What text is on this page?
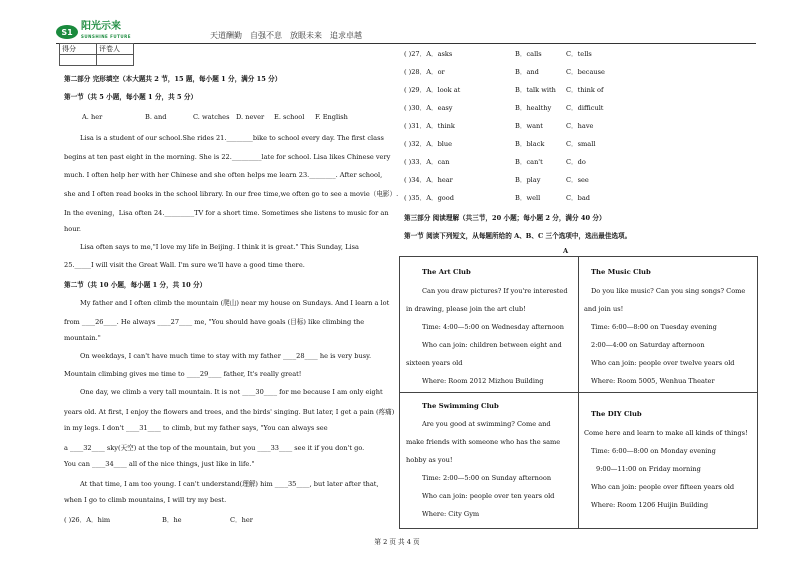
S1 阳光示来
SUNSHINE FUTURE	天道酬勤　自强不息　放眼未来　追求卓越
得分	评卷人

第二部分 完形填空（本大题共 2 节，15 题，每小题 1 分，满分 15 分）
第一节（共 5 小题，每小题 1 分，共 5 分）
A. her	B. and	C. watches D. never E. school F. English
Lisa is a student of our school.She rides 21.________bike to school every day. The first class
begins at ten past eight in the morning. She is 22._________late for school. Lisa likes Chinese very
much. I often help her with her Chinese and she often helps me learn 23.________. After school,
she and I often read books in the school library. In our free time,we often go to see a movie（电影）.
In the evening，Lisa often 24._________TV for a short time. Sometimes she listens to music for an
hour.
Lisa often says to me,"I love my life in Beijing. I think it is great." This Sunday, Lisa
25._____I will visit the Great Wall. I'm sure we'll have a good time there.
第二节（共 10 小题，每小题 1 分，共 10 分）
My father and I often climb the mountain (爬山) near my house on Sundays. And I learn a lot
from ____26____. He always ____27____ me, "You should have goals (目标) like climbing the
mountain."
On weekdays, I can't have much time to stay with my father ____28____ he is very busy.
Mountain climbing gives me time to ____29____ father, It's really great!
One day, we climb a very tall mountain. It is not ____30____ for me because I am only eight
years old. At first, I enjoy the flowers and trees, and the birds' singing. But later, I get a pain (疼痛)
in my legs. I don't ____31____ to climb, but my father says, "You can always see
a ____32____ sky(天空) at the top of the mountain, but you ____33____ see it if you don't go.
You can ____34____ all of the nice things, just like in life."
At that time, I am too young. I can't understand(理解) him ____35____, but later after that,
when I go to climb mountains, I will try my best.
( )26．A．him	B．he	C．her
( )27．A．asks	B．calls	C．tells
( )28．A．or	B．and	C．because
( )29．A．look at	B．talk with C．think of
( )30．A．easy	B．healthy C．difficult
( )31．A．think	B．want	C．have
( )32．A．blue	B．black	C．small
( )33．A．can	B．can't	C．do
( )34．A．hear	B．play	C．see
( )35．A．good	B．well	C．bad
第三部分 阅读理解（共三节，20 小题；每小题 2 分，满分 40 分）
第一节 阅读下列短文，从每题所给的 A、B、C 三个选项中，选出最佳选项。
A
The Art Club
Can you draw pictures? If you're interested
in drawing, please join the art club!
Time: 4:00—5:00 on Wednesday afternoon
Who can join: children between eight and
sixteen years old
Where: Room 2012 Mizhou Building
The Music Club
Do you like music? Can you sing songs? Come
and join us!
Time: 6:00—8:00 on Tuesday evening
2:00—4:00 on Saturday afternoon
Who can join: people over twelve years old
Where: Room 5005, Wenhua Theater
The Swimming Club
Are you good at swimming? Come and
make friends with someone who has the same
hobby as you!
Time: 2:00—5:00 on Sunday afternoon
Who can join: people over ten years old
Where: City Gym
The DIY Club
Come here and learn to make all kinds of things!
Time: 6:00—8:00 on Monday evening
9:00—11:00 on Friday morning
Who can join: people over fifteen years old
Where: Room 1206 Huijin Building
第 2 页 共 4 页
